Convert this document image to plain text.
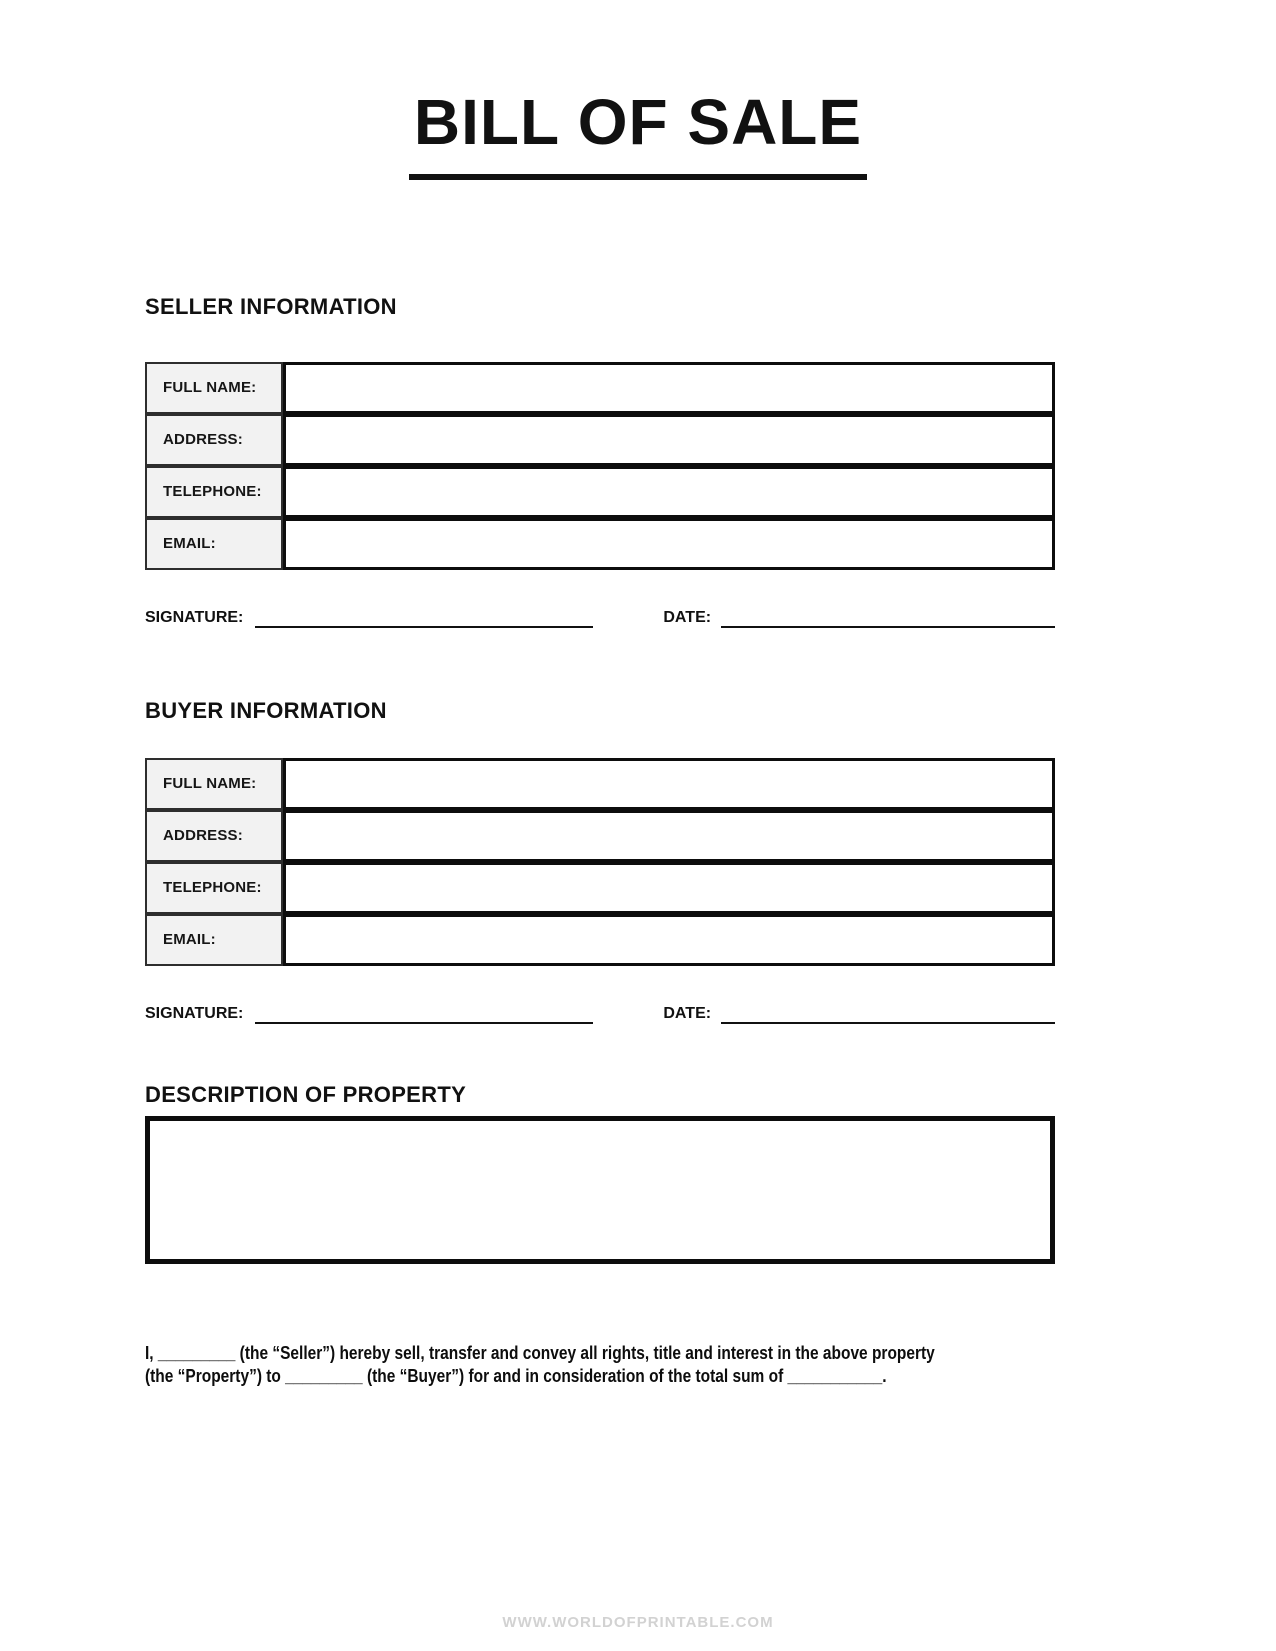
BILL OF SALE
SELLER INFORMATION
FULL NAME:
ADDRESS:
TELEPHONE:
EMAIL:
SIGNATURE:	DATE:
BUYER INFORMATION
FULL NAME:
ADDRESS:
TELEPHONE:
EMAIL:
SIGNATURE:	DATE:
DESCRIPTION OF PROPERTY
I, _________ (the “Seller”) hereby sell, transfer and convey all rights, title and interest in the above property
(the “Property”) to _________ (the “Buyer”) for and in consideration of the total sum of ___________.
WWW.WORLDOFPRINTABLE.COM
